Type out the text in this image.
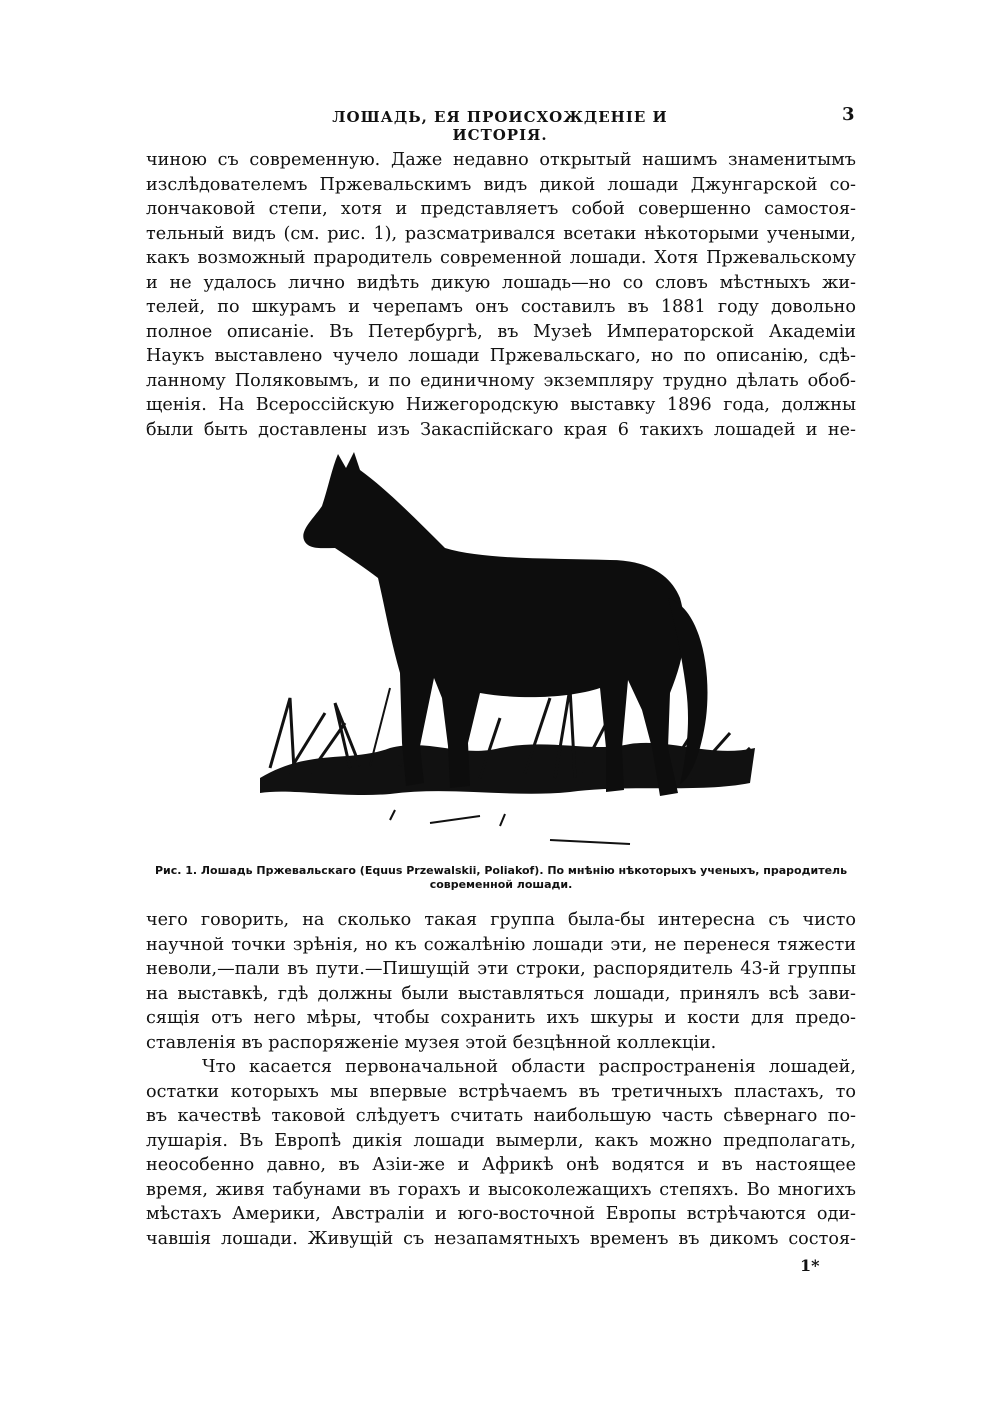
ЛОШАДЬ, ЕЯ ПРОИСХОЖДЕНІЕ И ИСТОРІЯ.
3
чиною съ современную. Даже недавно открытый нашимъ знаменитымъ
изслѣдователемъ Пржевальскимъ видъ дикой лошади Джунгарской со-
лончаковой степи, хотя и представляетъ собой совершенно самостоя-
тельный видъ (см. рис. 1), разсматривался всетаки нѣкоторыми учеными,
какъ возможный прародитель современной лошади. Хотя Пржевальскому
и не удалось лично видѣть дикую лошадь—но со словъ мѣстныхъ жи-
телей, по шкурамъ и черепамъ онъ составилъ въ 1881 году довольно
полное описаніе. Въ Петербургѣ, въ Музеѣ Императорской Академіи
Наукъ выставлено чучело лошади Пржевальскаго, но по описанію, сдѣ-
ланному Поляковымъ, и по единичному экземпляру трудно дѣлать обоб-
щенія. На Всероссійскую Нижегородскую выставку 1896 года, должны
были быть доставлены изъ Закаспійскаго края 6 такихъ лошадей и не-
Рис. 1. Лошадь Пржевальскаго (Equus Przewalskii, Poliakof). По мнѣнію нѣкоторыхъ ученыхъ, прародитель
современной лошади.
чего говорить, на сколько такая группа была-бы интересна съ чисто
научной точки зрѣнія, но къ сожалѣнію лошади эти, не перенеся тяжести
неволи,—пали въ пути.—Пишущій эти строки, распорядитель 43-й группы
на выставкѣ, гдѣ должны были выставляться лошади, принялъ всѣ зави-
сящія отъ него мѣры, чтобы сохранить ихъ шкуры и кости для предо-
ставленія въ распоряженіе музея этой безцѣнной коллекціи.
Что касается первоначальной области распространенія лошадей,
остатки которыхъ мы впервые встрѣчаемъ въ третичныхъ пластахъ, то
въ качествѣ таковой слѣдуетъ считать наибольшую часть сѣвернаго по-
лушарія. Въ Европѣ дикія лошади вымерли, какъ можно предполагать,
неособенно давно, въ Азіи-же и Африкѣ онѣ водятся и въ настоящее
время, живя табунами въ горахъ и высоколежащихъ степяхъ. Во многихъ
мѣстахъ Америки, Австраліи и юго-восточной Европы встрѣчаются оди-
чавшія лошади. Живущій съ незапамятныхъ временъ въ дикомъ состоя-
1*
